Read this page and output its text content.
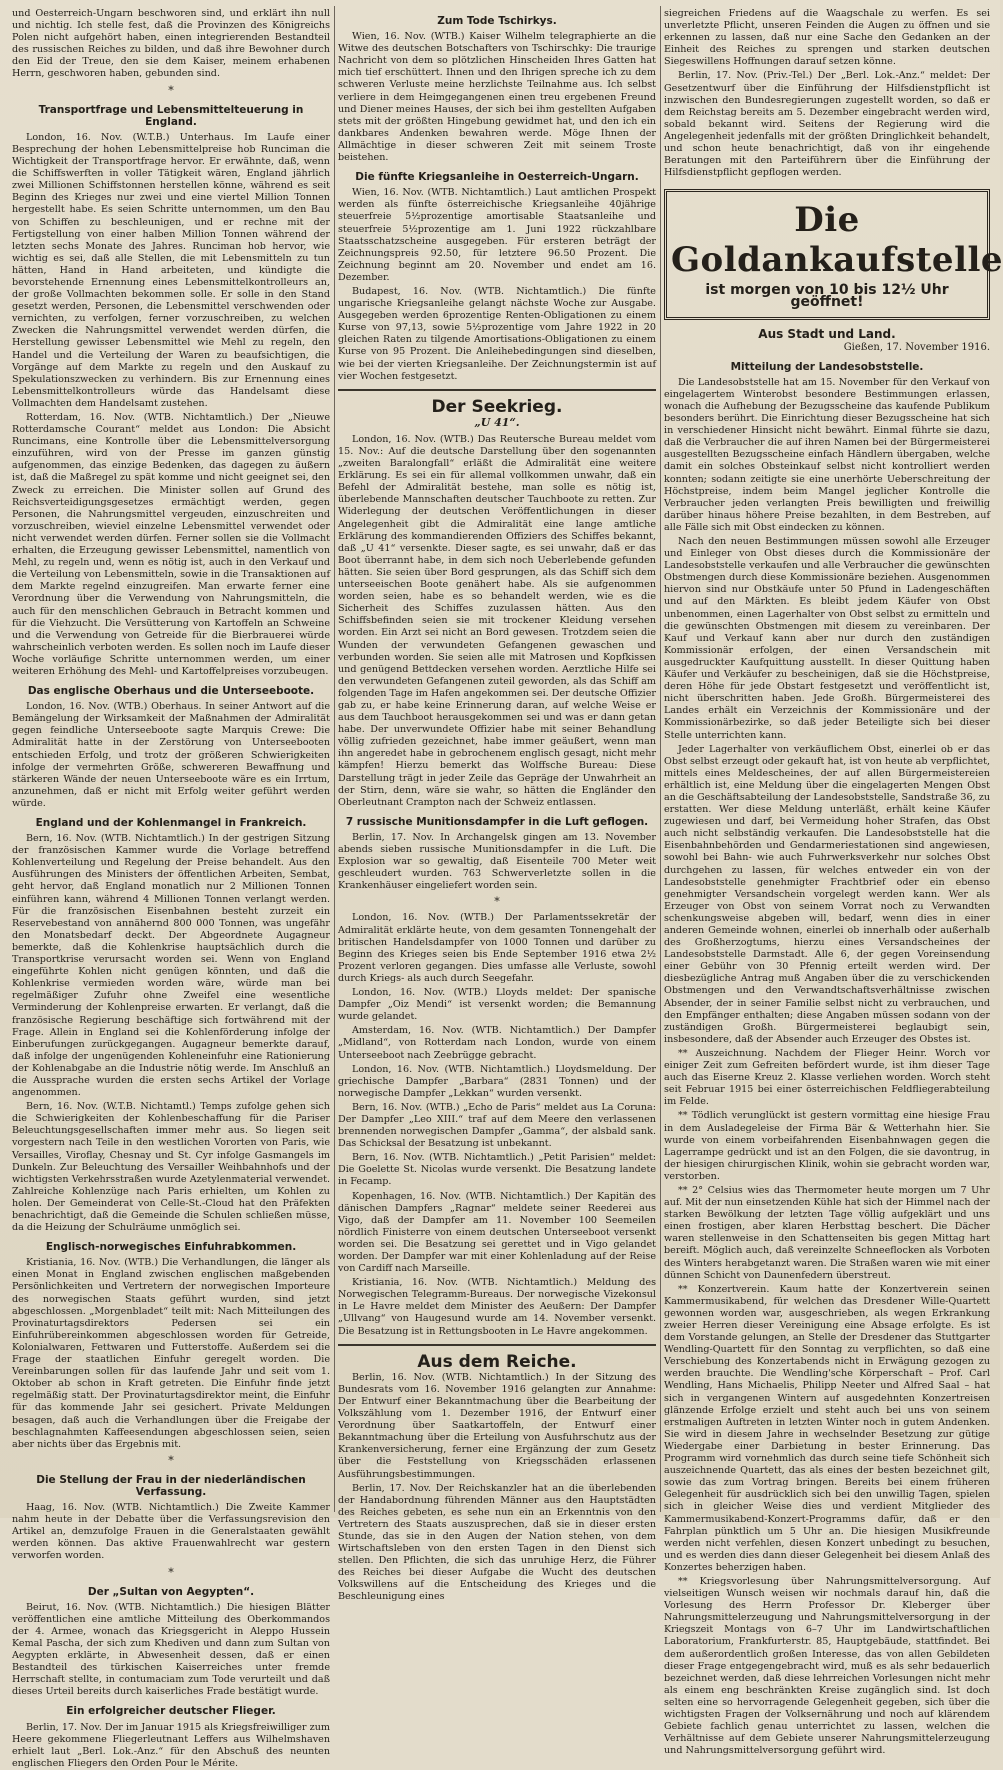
und Oesterreich-Ungarn beschworen sind, und erklärt ihn null und nichtig. Ich stelle fest, daß die Provinzen des Königreichs Polen nicht aufgehört haben, einen integrierenden Bestandteil des russischen Reiches zu bilden, und daß ihre Bewohner durch den Eid der Treue, den sie dem Kaiser, meinem erhabenen Herrn, geschworen haben, gebunden sind.

*
Transportfrage und Lebensmittelteuerung in England.

London, 16. Nov. (W.T.B.) Unterhaus. Im Laufe einer Besprechung der hohen Lebensmittelpreise hob Runciman die Wichtigkeit der Transportfrage hervor. Er erwähnte, daß, wenn die Schiffswerften in voller Tätigkeit wären, England jährlich zwei Millionen Schiffstonnen herstellen könne, während es seit Beginn des Krieges nur zwei und eine viertel Million Tonnen hergestellt habe. Es seien Schritte unternommen, um den Bau von Schiffen zu beschleunigen, und er rechne mit der Fertigstellung von einer halben Million Tonnen während der letzten sechs Monate des Jahres. Runciman hob hervor, wie wichtig es sei, daß alle Stellen, die mit Lebensmitteln zu tun hätten, Hand in Hand arbeiteten, und kündigte die bevorstehende Ernennung eines Lebensmittelkontrolleurs an, der große Vollmachten bekommen solle. Er solle in den Stand gesetzt werden, Personen, die Lebensmittel verschwenden oder vernichten, zu verfolgen, ferner vorzuschreiben, zu welchen Zwecken die Nahrungsmittel verwendet werden dürfen, die Herstellung gewisser Lebensmittel wie Mehl zu regeln, den Handel und die Verteilung der Waren zu beaufsichtigen, die Vorgänge auf dem Markte zu regeln und den Auskauf zu Spekulationszwecken zu verhindern. Bis zur Ernennung eines Lebensmittelkontrolleurs würde das Handelsamt diese Vollmachten dem Handelsamt zustehen.

Rotterdam, 16. Nov. (WTB. Nichtamtlich.) Der „Nieuwe Rotterdamsche Courant“ meldet aus London: Die Absicht Runcimans, eine Kontrolle über die Lebensmittelversorgung einzuführen, wird von der Presse im ganzen günstig aufgenommen, das einzige Bedenken, das dagegen zu äußern ist, daß die Maßregel zu spät komme und nicht geeignet sei, den Zweck zu erreichen. Die Minister sollen auf Grund des Reichsverteidigungsgesetzes ermächtigt werden, gegen Personen, die Nahrungsmittel vergeuden, einzuschreiten und vorzuschreiben, wieviel einzelne Lebensmittel verwendet oder nicht verwendet werden dürfen. Ferner sollen sie die Vollmacht erhalten, die Erzeugung gewisser Lebensmittel, namentlich von Mehl, zu regeln und, wenn es nötig ist, auch in den Verkauf und die Verteilung von Lebensmitteln, sowie in die Transaktionen auf dem Markte regelnd einzugreifen. Man erwarte ferner eine Verordnung über die Verwendung von Nahrungsmitteln, die auch für den menschlichen Gebrauch in Betracht kommen und für die Viehzucht. Die Versütterung von Kartoffeln an Schweine und die Verwendung von Getreide für die Bierbrauerei würde wahrscheinlich verboten werden. Es sollen noch im Laufe dieser Woche vorläufige Schritte unternommen werden, um einer weiteren Erhöhung des Mehl- und Kartoffelpreises vorzubeugen.

Das englische Oberhaus und die Unterseeboote.

London, 16. Nov. (WTB.) Oberhaus. In seiner Antwort auf die Bemängelung der Wirksamkeit der Maßnahmen der Admiralität gegen feindliche Unterseeboote sagte Marquis Crewe: Die Admiralität hatte in der Zerstörung von Unterseebooten entschieden Erfolg, und trotz der größeren Schwierigkeiten infolge der vermehrten Größe, schwereren Bewaffnung und stärkeren Wände der neuen Unterseeboote wäre es ein Irrtum, anzunehmen, daß er nicht mit Erfolg weiter geführt werden würde.

England und der Kohlenmangel in Frankreich.

Bern, 16. Nov. (WTB. Nichtamtlich.) In der gestrigen Sitzung der französischen Kammer wurde die Vorlage betreffend Kohlenverteilung und Regelung der Preise behandelt. Aus den Ausführungen des Ministers der öffentlichen Arbeiten, Sembat, geht hervor, daß England monatlich nur 2 Millionen Tonnen einführen kann, während 4 Millionen Tonnen verlangt werden. Für die französischen Eisenbahnen besteht zurzeit ein Reservebestand von annähernd 800 000 Tonnen, was ungefähr den Monatsbedarf deckt. Der Abgeordnete Augagneur bemerkte, daß die Kohlenkrise hauptsächlich durch die Transportkrise verursacht worden sei. Wenn von England eingeführte Kohlen nicht genügen könnten, und daß die Kohlenkrise vermieden worden wäre, würde man bei regelmäßiger Zufuhr ohne Zweifel eine wesentliche Verminderung der Kohlenpreise erwarten. Er verlangt, daß die französische Regierung beschäftige sich fortwährend mit der Frage. Allein in England sei die Kohlenförderung infolge der Einberufungen zurückgegangen. Augagneur bemerkte darauf, daß infolge der ungenügenden Kohleneinfuhr eine Rationierung der Kohlenabgabe an die Industrie nötig werde. Im Anschluß an die Aussprache wurden die ersten sechs Artikel der Vorlage angenommen.

Bern, 16. Nov. (W.T.B. Nichtamtl.) Temps zufolge gehen sich die Schwierigkeiten der Kohlenbeschaffung für die Pariser Beleuchtungsgesellschaften immer mehr aus. So liegen seit vorgestern nach Teile in den westlichen Vororten von Paris, wie Versailles, Viroflay, Chesnay und St. Cyr infolge Gasmangels im Dunkeln. Zur Beleuchtung des Versailler Weihbahnhofs und der wichtigsten Verkehrsstraßen wurde Azetylenmaterial verwendet. Zahlreiche Kohlenzüge nach Paris erhielten, um Kohlen zu holen. Der Gemeinderat von Celle-St.-Cloud hat den Präfekten benachrichtigt, daß die Gemeinde die Schulen schließen müsse, da die Heizung der Schulräume unmöglich sei.

Englisch-norwegisches Einfuhrabkommen.

Kristiania, 16. Nov. (WTB.) Die Verhandlungen, die länger als einen Monat in England zwischen englischen maßgebenden Persönlichkeiten und Vertretern der norwegischen Importeure des norwegischen Staats geführt wurden, sind jetzt abgeschlossen. „Morgenbladet“ teilt mit: Nach Mitteilungen des Provinaturtagsdirektors Pedersen sei ein Einfuhrübereinkommen abgeschlossen worden für Getreide, Kolonialwaren, Fettwaren und Futterstoffe. Außerdem sei die Frage der staatlichen Einfuhr geregelt worden. Die Vereinbarungen sollen für das laufende Jahr und seit vom 1. Oktober ab schon in Kraft getreten. Die Einfuhr finde jetzt regelmäßig statt. Der Provinaturtagsdirektor meint, die Einfuhr für das kommende Jahr sei gesichert. Private Meldungen besagen, daß auch die Verhandlungen über die Freigabe der beschlagnahmten Kaffeesendungen abgeschlossen seien, seien aber nichts über das Ergebnis mit.

*
Die Stellung der Frau in der niederländischen Verfassung.

Haag, 16. Nov. (WTB. Nichtamtlich.) Die Zweite Kammer nahm heute in der Debatte über die Verfassungsrevision den Artikel an, demzufolge Frauen in die Generalstaaten gewählt werden können. Das aktive Frauenwahlrecht war gestern verworfen worden.

*
Der „Sultan von Aegypten“.

Beirut, 16. Nov. (WTB. Nichtamtlich.) Die hiesigen Blätter veröffentlichen eine amtliche Mitteilung des Oberkommandos der 4. Armee, wonach das Kriegsgericht in Aleppo Hussein Kemal Pascha, der sich zum Khediven und dann zum Sultan von Aegypten erklärte, in Abwesenheit dessen, daß er einen Bestandteil des türkischen Kaiserreiches unter fremde Herrschaft stellte, in contumaciam zum Tode verurteilt und daß dieses Urteil bereits durch kaiserliches Frade bestätigt wurde.

Ein erfolgreicher deutscher Flieger.

Berlin, 17. Nov. Der im Januar 1915 als Kriegsfreiwilliger zum Heere gekommene Fliegerleutnant Leffers aus Wilhelmshaven erhielt laut „Berl. Lok.-Anz.“ für den Abschuß des neunten englischen Fliegers den Orden Pour le Mérite.

Zum Tode Tschirkys.

Wien, 16. Nov. (WTB.) Kaiser Wilhelm telegraphierte an die Witwe des deutschen Botschafters von Tschirschky: Die traurige Nachricht von dem so plötzlichen Hinscheiden Ihres Gatten hat mich tief erschüttert. Ihnen und den Ihrigen spreche ich zu dem schweren Verluste meine herzlichste Teilnahme aus. Ich selbst verliere in dem Heimgegangenen einen treu ergebenen Freund und Diener meines Hauses, der sich bei ihm gestellten Aufgaben stets mit der größten Hingebung gewidmet hat, und den ich ein dankbares Andenken bewahren werde. Möge Ihnen der Allmächtige in dieser schweren Zeit mit seinem Troste beistehen.

Die fünfte Kriegsanleihe in Oesterreich-Ungarn.

Wien, 16. Nov. (WTB. Nichtamtlich.) Laut amtlichen Prospekt werden als fünfte österreichische Kriegsanleihe 40jährige steuerfreie 5½prozentige amortisable Staatsanleihe und steuerfreie 5½prozentige am 1. Juni 1922 rückzahlbare Staatsschatzscheine ausgegeben. Für ersteren beträgt der Zeichnungspreis 92.50, für letztere 96.50 Prozent. Die Zeichnung beginnt am 20. November und endet am 16. Dezember.

Budapest, 16. Nov. (WTB. Nichtamtlich.) Die fünfte ungarische Kriegsanleihe gelangt nächste Woche zur Ausgabe. Ausgegeben werden 6prozentige Renten-Obligationen zu einem Kurse von 97,13, sowie 5½prozentige vom Jahre 1922 in 20 gleichen Raten zu tilgende Amortisations-Obligationen zu einem Kurse von 95 Prozent. Die Anleihebedingungen sind dieselben, wie bei der vierten Kriegsanleihe. Der Zeichnungstermin ist auf vier Wochen festgesetzt.

Der Seekrieg.
„U 41“.

London, 16. Nov. (WTB.) Das Reutersche Bureau meldet vom 15. Nov.: Auf die deutsche Darstellung über den sogenannten „zweiten Baralongfall“ erläßt die Admiralität eine weitere Erklärung. Es sei ein für allemal vollkommen unwahr, daß ein Befehl der Admiralität bestehe, man solle es nötig ist, überlebende Mannschaften deutscher Tauchboote zu retten. Zur Widerlegung der deutschen Veröffentlichungen in dieser Angelegenheit gibt die Admiralität eine lange amtliche Erklärung des kommandierenden Offiziers des Schiffes bekannt, daß „U 41“ versenkte. Dieser sagte, es sei unwahr, daß er das Boot überrannt habe, in dem sich noch Ueberlebende gefunden hätten. Sie seien über Bord gesprungen, als das Schiff sich dem unterseeischen Boote genähert habe. Als sie aufgenommen worden seien, habe es so behandelt werden, wie es die Sicherheit des Schiffes zuzulassen hätten. Aus den Schiffsbefinden seien sie mit trockener Kleidung versehen worden. Ein Arzt sei nicht an Bord gewesen. Trotzdem seien die Wunden der verwundeten Gefangenen gewaschen und verbunden worden. Sie seien alle mit Matrosen und Kopfkissen und genügend Bettdecken versehen worden. Aerztliche Hilfe sei den verwundeten Gefangenen zuteil geworden, als das Schiff am folgenden Tage im Hafen angekommen sei. Der deutsche Offizier gab zu, er habe keine Erinnerung daran, auf welche Weise er aus dem Tauchboot herausgekommen sei und was er dann getan habe. Der unverwundete Offizier habe mit seiner Behandlung völlig zufrieden gezeichnet, habe immer geäußert, wenn man ihn angeredet habe in gebrochenem englisch gesagt, nicht mehr kämpfen! Hierzu bemerkt das Wolffsche Bureau: Diese Darstellung trägt in jeder Zeile das Gepräge der Unwahrheit an der Stirn, denn, wäre sie wahr, so hätten die Engländer den Oberleutnant Crampton nach der Schweiz entlassen.

7 russische Munitionsdampfer in die Luft geflogen.

Berlin, 17. Nov. In Archangelsk gingen am 13. November abends sieben russische Munitionsdampfer in die Luft. Die Explosion war so gewaltig, daß Eisenteile 700 Meter weit geschleudert wurden. 763 Schwerverletzte sollen in die Krankenhäuser eingeliefert worden sein.

*

London, 16. Nov. (WTB.) Der Parlamentssekretär der Admiralität erklärte heute, von dem gesamten Tonnengehalt der britischen Handelsdampfer von 1000 Tonnen und darüber zu Beginn des Krieges seien bis Ende September 1916 etwa 2½ Prozent verloren gegangen. Dies umfasse alle Verluste, sowohl durch Kriegs- als auch durch Seegefahr.

London, 16. Nov. (WTB.) Lloyds meldet: Der spanische Dampfer „Oiz Mendi“ ist versenkt worden; die Bemannung wurde gelandet.

Amsterdam, 16. Nov. (WTB. Nichtamtlich.) Der Dampfer „Midland“, von Rotterdam nach London, wurde von einem Unterseeboot nach Zeebrügge gebracht.

London, 16. Nov. (WTB. Nichtamtlich.) Lloydsmeldung. Der griechische Dampfer „Barbara“ (2831 Tonnen) und der norwegische Dampfer „Lekkan“ wurden versenkt.

Bern, 16. Nov. (WTB.) „Echo de Paris“ meldet aus La Coruna: Der Dampfer „Leo XIII.“ traf auf dem Meere den verlassenen brennenden norwegischen Dampfer „Gamma“, der alsbald sank. Das Schicksal der Besatzung ist unbekannt.

Bern, 16. Nov. (WTB. Nichtamtlich.) „Petit Parisien“ meldet: Die Goelette St. Nicolas wurde versenkt. Die Besatzung landete in Fecamp.

Kopenhagen, 16. Nov. (WTB. Nichtamtlich.) Der Kapitän des dänischen Dampfers „Ragnar“ meldete seiner Reederei aus Vigo, daß der Dampfer am 11. November 100 Seemeilen nördlich Finisterre von einem deutschen Unterseeboot versenkt worden sei. Die Besatzung sei gerettet und in Vigo gelandet worden. Der Dampfer war mit einer Kohlenladung auf der Reise von Cardiff nach Marseille.

Kristiania, 16. Nov. (WTB. Nichtamtlich.) Meldung des Norwegischen Telegramm-Bureaus. Der norwegische Vizekonsul in Le Havre meldet dem Minister des Aeußern: Der Dampfer „Ullvang“ von Haugesund wurde am 14. November versenkt. Die Besatzung ist in Rettungsbooten in Le Havre angekommen.

Aus dem Reiche.

Berlin, 16. Nov. (WTB. Nichtamtlich.) In der Sitzung des Bundesrats vom 16. November 1916 gelangten zur Annahme: Der Entwurf einer Bekanntmachung über die Bearbeitung der Volkszählung vom 1. Dezember 1916, der Entwurf einer Verordnung über Saatkartoffeln, der Entwurf einer Bekanntmachung über die Erteilung von Ausfuhrschutz aus der Krankenversicherung, ferner eine Ergänzung der zum Gesetz über die Feststellung von Kriegsschäden erlassenen Ausführungsbestimmungen.

Berlin, 17. Nov. Der Reichskanzler hat an die überlebenden der Handabordnung führenden Männer aus den Hauptstädten des Reiches gebeten, es sehe nun ein an Erkenntnis von den Vertretern des Staats auszusprechen, daß sie in dieser ersten Stunde, das sie in den Augen der Nation stehen, von dem Wirtschaftsleben von den ersten Tagen in den Dienst sich stellen. Den Pflichten, die sich das unruhige Herz, die Führer des Reiches bei dieser Aufgabe die Wucht des deutschen Volkswillens auf die Entscheidung des Krieges und die Beschleunigung eines

siegreichen Friedens auf die Waagschale zu werfen. Es sei unverletzte Pflicht, unseren Feinden die Augen zu öffnen und sie erkennen zu lassen, daß nur eine Sache den Gedanken an der Einheit des Reiches zu sprengen und starken deutschen Siegeswillens Hoffnungen darauf setzen könne.

Berlin, 17. Nov. (Priv.-Tel.) Der „Berl. Lok.-Anz.“ meldet: Der Gesetzentwurf über die Einführung der Hilfsdienstpflicht ist inzwischen den Bundesregierungen zugestellt worden, so daß er dem Reichstag bereits am 5. Dezember eingebracht werden wird, sobald bekannt wird. Seitens der Regierung wird die Angelegenheit jedenfalls mit der größten Dringlichkeit behandelt, und schon heute benachrichtigt, daß von ihr eingehende Beratungen mit den Parteiführern über die Einführung der Hilfsdienstpflicht gepflogen werden.

Die Goldankaufstelle
ist morgen von 10 bis 12½ Uhr geöffnet!
Aus Stadt und Land.
Gießen, 17. November 1916.
Mitteilung der Landesobststelle.

Die Landesobststelle hat am 15. November für den Verkauf von eingelagertem Winterobst besondere Bestimmungen erlassen, wonach die Aufhebung der Bezugsscheine das kaufende Publikum besonders berührt. Die Einrichtung dieser Bezugsscheine hat sich in verschiedener Hinsicht nicht bewährt. Einmal führte sie dazu, daß die Verbraucher die auf ihren Namen bei der Bürgermeisterei ausgestellten Bezugsscheine einfach Händlern übergaben, welche damit ein solches Obsteinkauf selbst nicht kontrolliert werden konnten; sodann zeitigte sie eine unerhörte Ueberschreitung der Höchstpreise, indem beim Mangel jeglicher Kontrolle die Verbraucher jeden verlangten Preis bewilligten und freiwillig darüber hinaus höhere Preise bezahlten, in dem Bestreben, auf alle Fälle sich mit Obst eindecken zu können.

Nach den neuen Bestimmungen müssen sowohl alle Erzeuger und Einleger von Obst dieses durch die Kommissionäre der Landesobststelle verkaufen und alle Verbraucher die gewünschten Obstmengen durch diese Kommissionäre beziehen. Ausgenommen hiervon sind nur Obstkäufe unter 50 Pfund in Ladengeschäften und auf den Märkten. Es bleibt jedem Käufer von Obst unbenommen, einen Lagerhalter von Obst selbst zu ermitteln und die gewünschten Obstmengen mit diesem zu vereinbaren. Der Kauf und Verkauf kann aber nur durch den zuständigen Kommissionär erfolgen, der einen Versandschein mit ausgedruckter Kaufquittung ausstellt. In dieser Quittung haben Käufer und Verkäufer zu bescheinigen, daß sie die Höchstpreise, deren Höhe für jede Obstart festgesetzt und veröffentlicht ist, nicht überschritten haben. Jede Großh. Bürgermeisterei des Landes erhält ein Verzeichnis der Kommissionäre und der Kommissionärbezirke, so daß jeder Beteiligte sich bei dieser Stelle unterrichten kann.

Jeder Lagerhalter von verkäuflichem Obst, einerlei ob er das Obst selbst erzeugt oder gekauft hat, ist von heute ab verpflichtet, mittels eines Meldescheines, der auf allen Bürgermeistereien erhältlich ist, eine Meldung über die eingelagerten Mengen Obst an die Geschäftsabteilung der Landesobststelle, Sandstraße 36, zu erstatten. Wer diese Meldung unterläßt, erhält keine Käufer zugewiesen und darf, bei Vermeidung hoher Strafen, das Obst auch nicht selbständig verkaufen. Die Landesobststelle hat die Eisenbahnbehörden und Gendarmeriestationen sind angewiesen, sowohl bei Bahn- wie auch Fuhrwerksverkehr nur solches Obst durchgehen zu lassen, für welches entweder ein von der Landesobststelle genehmigter Frachtbrief oder ein ebenso genehmigter Versandschein vorgelegt werden kann. Wer als Erzeuger von Obst von seinem Vorrat noch zu Verwandten schenkungsweise abgeben will, bedarf, wenn dies in einer anderen Gemeinde wohnen, einerlei ob innerhalb oder außerhalb des Großherzogtums, hierzu eines Versandscheines der Landesobststelle Darmstadt. Alle 6, der gegen Voreinsendung einer Gebühr von 30 Pfennig erteilt werden wird. Der diesbezügliche Antrag muß Angaben über die zu verschickenden Obstmengen und den Verwandtschaftsverhältnisse zwischen Absender, der in seiner Familie selbst nicht zu verbrauchen, und den Empfänger enthalten; diese Angaben müssen sodann von der zuständigen Großh. Bürgermeisterei beglaubigt sein, insbesondere, daß der Absender auch Erzeuger des Obstes ist.

** Auszeichnung. Nachdem der Flieger Heinr. Worch vor einiger Zeit zum Gefreiten befördert wurde, ist ihm dieser Tage auch das Eiserne Kreuz 2. Klasse verliehen worden. Worch steht seit Februar 1915 bei einer österreichischen Feldfliegerabteilung im Felde.

** Tödlich verunglückt ist gestern vormittag eine hiesige Frau in dem Ausladegeleise der Firma Bär & Wetterhahn hier. Sie wurde von einem vorbeifahrenden Eisenbahnwagen gegen die Lagerrampe gedrückt und ist an den Folgen, die sie davontrug, in der hiesigen chirurgischen Klinik, wohin sie gebracht worden war, verstorben.

** 2° Celsius wies das Thermometer heute morgen um 7 Uhr auf. Mit der nun einsetzenden Kühle hat sich der Himmel nach der starken Bewölkung der letzten Tage völlig aufgeklärt und uns einen frostigen, aber klaren Herbsttag beschert. Die Dächer waren stellenweise in den Schattenseiten bis gegen Mittag hart bereift. Möglich auch, daß vereinzelte Schneeflocken als Vorboten des Winters herabgetanzt waren. Die Straßen waren wie mit einer dünnen Schicht von Daunenfedern überstreut.

** Konzertverein. Kaum hatte der Konzertverein seinen Kammermusikabend, für welchen das Dresdener Wille-Quartett gewonnen worden war, ausgeschrieben, als wegen Erkrankung zweier Herren dieser Vereinigung eine Absage erfolgte. Es ist dem Vorstande gelungen, an Stelle der Dresdener das Stuttgarter Wendling-Quartett für den Sonntag zu verpflichten, so daß eine Verschiebung des Konzertabends nicht in Erwägung gezogen zu werden brauchte. Die Wendling'sche Körperschaft – Prof. Carl Wendling, Hans Michaelis, Philipp Neeter und Alfred Saal – hat sich in vergangenen Wintern auf ausgedehnten Konzertreisen glänzende Erfolge erzielt und steht auch bei uns von seinem erstmaligen Auftreten in letzten Winter noch in gutem Andenken. Sie wird in diesem Jahre in wechselnder Besetzung zur gütige Wiedergabe einer Darbietung in bester Erinnerung. Das Programm wird vornehmlich das durch seine tiefe Schönheit sich auszeichnende Quartett, das als eines der besten bezeichnet gilt, sowie das zum Vortrag bringen. Bereits bei einem früheren Gelegenheit für ausdrücklich sich bei den unwillig Tagen, spielen sich in gleicher Weise dies und verdient Mitglieder des Kammermusikabend-Konzert-Programms dafür, daß er den Fahrplan pünktlich um 5 Uhr an. Die hiesigen Musikfreunde werden nicht verfehlen, diesen Konzert unbedingt zu besuchen, und es werden dies dann dieser Gelegenheit bei diesem Anlaß des Konzertes beherzigen haben.

** Kriegsvorlesung über Nahrungsmittelversorgung. Auf vielseitigen Wunsch weisen wir nochmals darauf hin, daß die Vorlesung des Herrn Professor Dr. Kleberger über Nahrungsmittelerzeugung und Nahrungsmittelversorgung in der Kriegszeit Montags von 6–7 Uhr im Landwirtschaftlichen Laboratorium, Frankfurterstr. 85, Hauptgebäude, stattfindet. Bei dem außerordentlich großen Interesse, das von allen Gebildeten dieser Frage entgegengebracht wird, muß es als sehr bedauerlich bezeichnet werden, daß diese lehrreichen Vorlesungen nicht mehr als einem eng beschränkten Kreise zugänglich sind. Ist doch selten eine so hervorragende Gelegenheit gegeben, sich über die wichtigsten Fragen der Volksernährung und noch auf klärendem Gebiete fachlich genau unterrichtet zu lassen, welchen die Verhältnisse auf dem Gebiete unserer Nahrungsmittelerzeugung und Nahrungsmittelversorgung geführt wird.
